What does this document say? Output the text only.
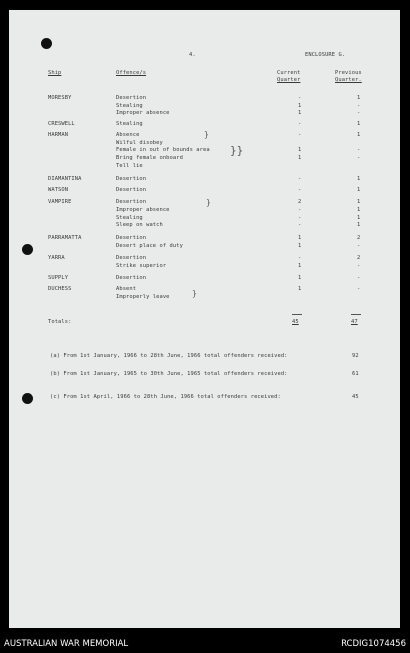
4.	ENCLOSURE G.
Ship	Offence/s	Current
Quarter
Previous
Quarter.
MORESBY	Desertion	-	1
Stealing	1	-
Improper absence	1	-
CRESWELL	Stealing	-	1
HARMAN	Absence	-	1
Wilful disobey
Female in out of bounds area	1	-
Bring female onboard	1	-
Tell lie
DIAMANTINA	Desertion	-	1
WATSON	Desertion	-	1
VAMPIRE	Desertion	2	1
Improper absence	-	1
Stealing	-	1
Sleep on watch	-	1
PARRAMATTA	Desertion	1	2
Desert place of duty	1	-
YARRA	Desertion	-	2
Strike superior	1	-
SUPPLY	Desertion	1	-
DUCHESS	Absent	1	-
Improperly leave
}
}}
}
}
Totals:	45	47
(a) From 1st January, 1966 to 28th June, 1966 total offenders received:	92
(b) From 1st January, 1965 to 30th June, 1965 total offenders received:	61
(c) From 1st April, 1966 to 28th June, 1966 total offenders received:	45
AUSTRALIAN WAR MEMORIAL	RCDIG1074456
